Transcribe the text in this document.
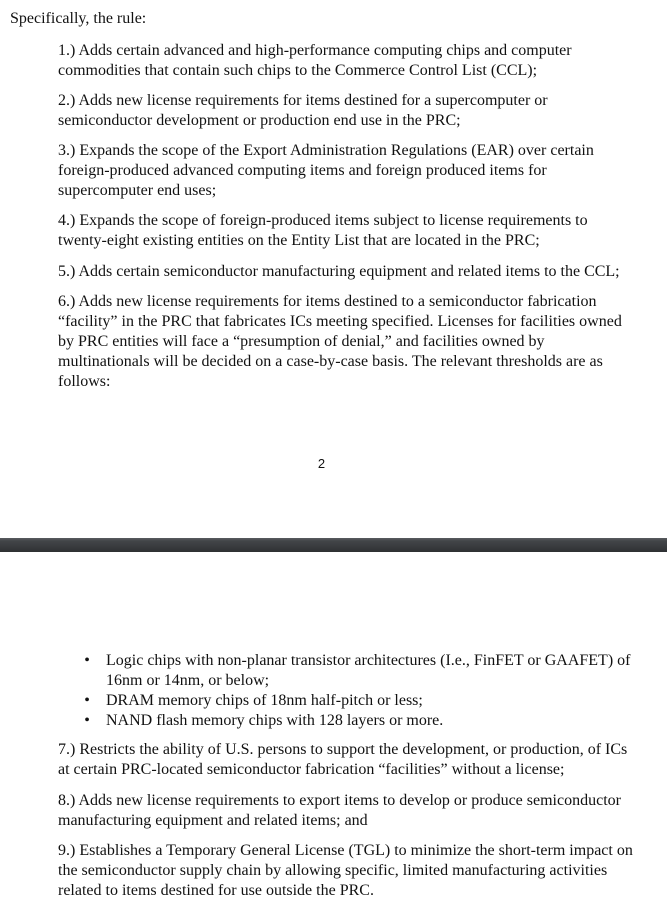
Specifically, the rule:

1.) Adds certain advanced and high-performance computing chips and computer commodities that contain such chips to the Commerce Control List (CCL);

2.) Adds new license requirements for items destined for a supercomputer or semiconductor development or production end use in the PRC;

3.) Expands the scope of the Export Administration Regulations (EAR) over certain foreign-produced advanced computing items and foreign produced items for supercomputer end uses;

4.) Expands the scope of foreign-produced items subject to license requirements to twenty-eight existing entities on the Entity List that are located in the PRC;

5.) Adds certain semiconductor manufacturing equipment and related items to the CCL;

6.) Adds new license requirements for items destined to a semiconductor fabrication “facility” in the PRC that fabricates ICs meeting specified. Licenses for facilities owned by PRC entities will face a “presumption of denial,” and facilities owned by multinationals will be decided on a case-by-case basis. The relevant thresholds are as follows:

2
• Logic chips with non-planar transistor architectures (I.e., FinFET or GAAFET) of 16nm or 14nm, or below;
• DRAM memory chips of 18nm half-pitch or less;
• NAND flash memory chips with 128 layers or more.

7.) Restricts the ability of U.S. persons to support the development, or production, of ICs at certain PRC-located semiconductor fabrication “facilities” without a license;

8.) Adds new license requirements to export items to develop or produce semiconductor manufacturing equipment and related items; and

9.) Establishes a Temporary General License (TGL) to minimize the short-term impact on the semiconductor supply chain by allowing specific, limited manufacturing activities related to items destined for use outside the PRC.
